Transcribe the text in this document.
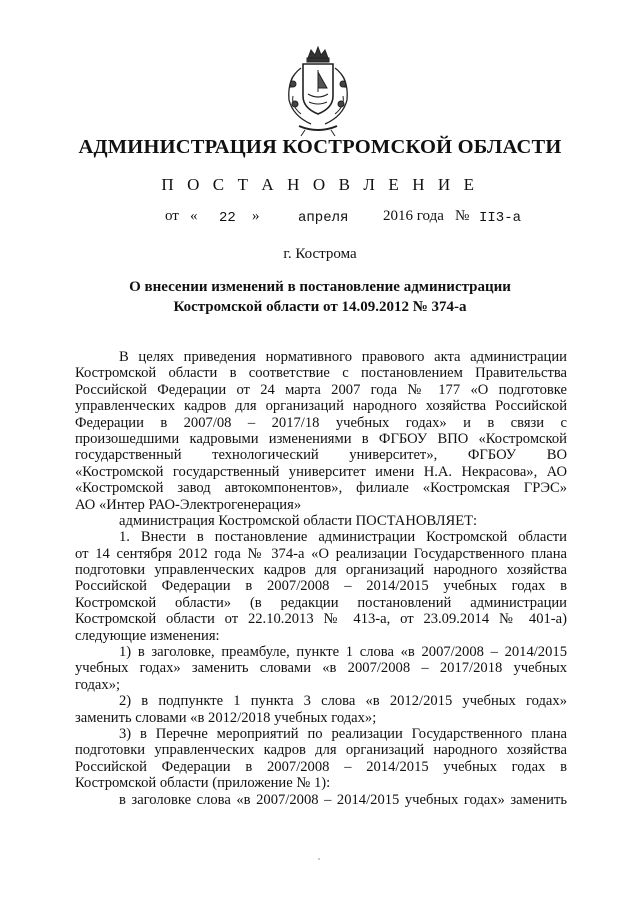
АДМИНИСТРАЦИЯ КОСТРОМСКОЙ ОБЛАСТИ
П О С Т А Н О В Л Е Н И Е
от « 22 »	апреля 2016 года № II3-а
г. Кострома
О внесении изменений в постановление администрации
Костромской области от 14.09.2012 № 374-а
В целях приведения нормативного правового акта администрации
Костромской области в соответствие с постановлением Правительства
Российской Федерации от 24 марта 2007 года № 177 «О подготовке
управленческих кадров для организаций народного хозяйства Российской
Федерации в 2007/08 – 2017/18 учебных годах» и в связи с
произошедшими кадровыми изменениями в ФГБОУ ВПО «Костромской
государственный технологический университет», ФГБОУ ВО
«Костромской государственный университет имени Н.А. Некрасова», АО
«Костромской завод автокомпонентов», филиале «Костромская ГРЭС»
АО «Интер РАО-Электрогенерация»
администрация Костромской области ПОСТАНОВЛЯЕТ:
1. Внести в постановление администрации Костромской области
от 14 сентября 2012 года № 374-а «О реализации Государственного плана
подготовки управленческих кадров для организаций народного хозяйства
Российской Федерации в 2007/2008 – 2014/2015 учебных годах в
Костромской области» (в редакции постановлений администрации
Костромской области от 22.10.2013 № 413-а, от 23.09.2014 № 401-а)
следующие изменения:
1) в заголовке, преамбуле, пункте 1 слова «в 2007/2008 – 2014/2015
учебных годах» заменить словами «в 2007/2008 – 2017/2018 учебных
годах»;
2) в подпункте 1 пункта 3 слова «в 2012/2015 учебных годах»
заменить словами «в 2012/2018 учебных годах»;
3) в Перечне мероприятий по реализации Государственного плана
подготовки управленческих кадров для организаций народного хозяйства
Российской Федерации в 2007/2008 – 2014/2015 учебных годах в
Костромской области (приложение № 1):
в заголовке слова «в 2007/2008 – 2014/2015 учебных годах» заменить
